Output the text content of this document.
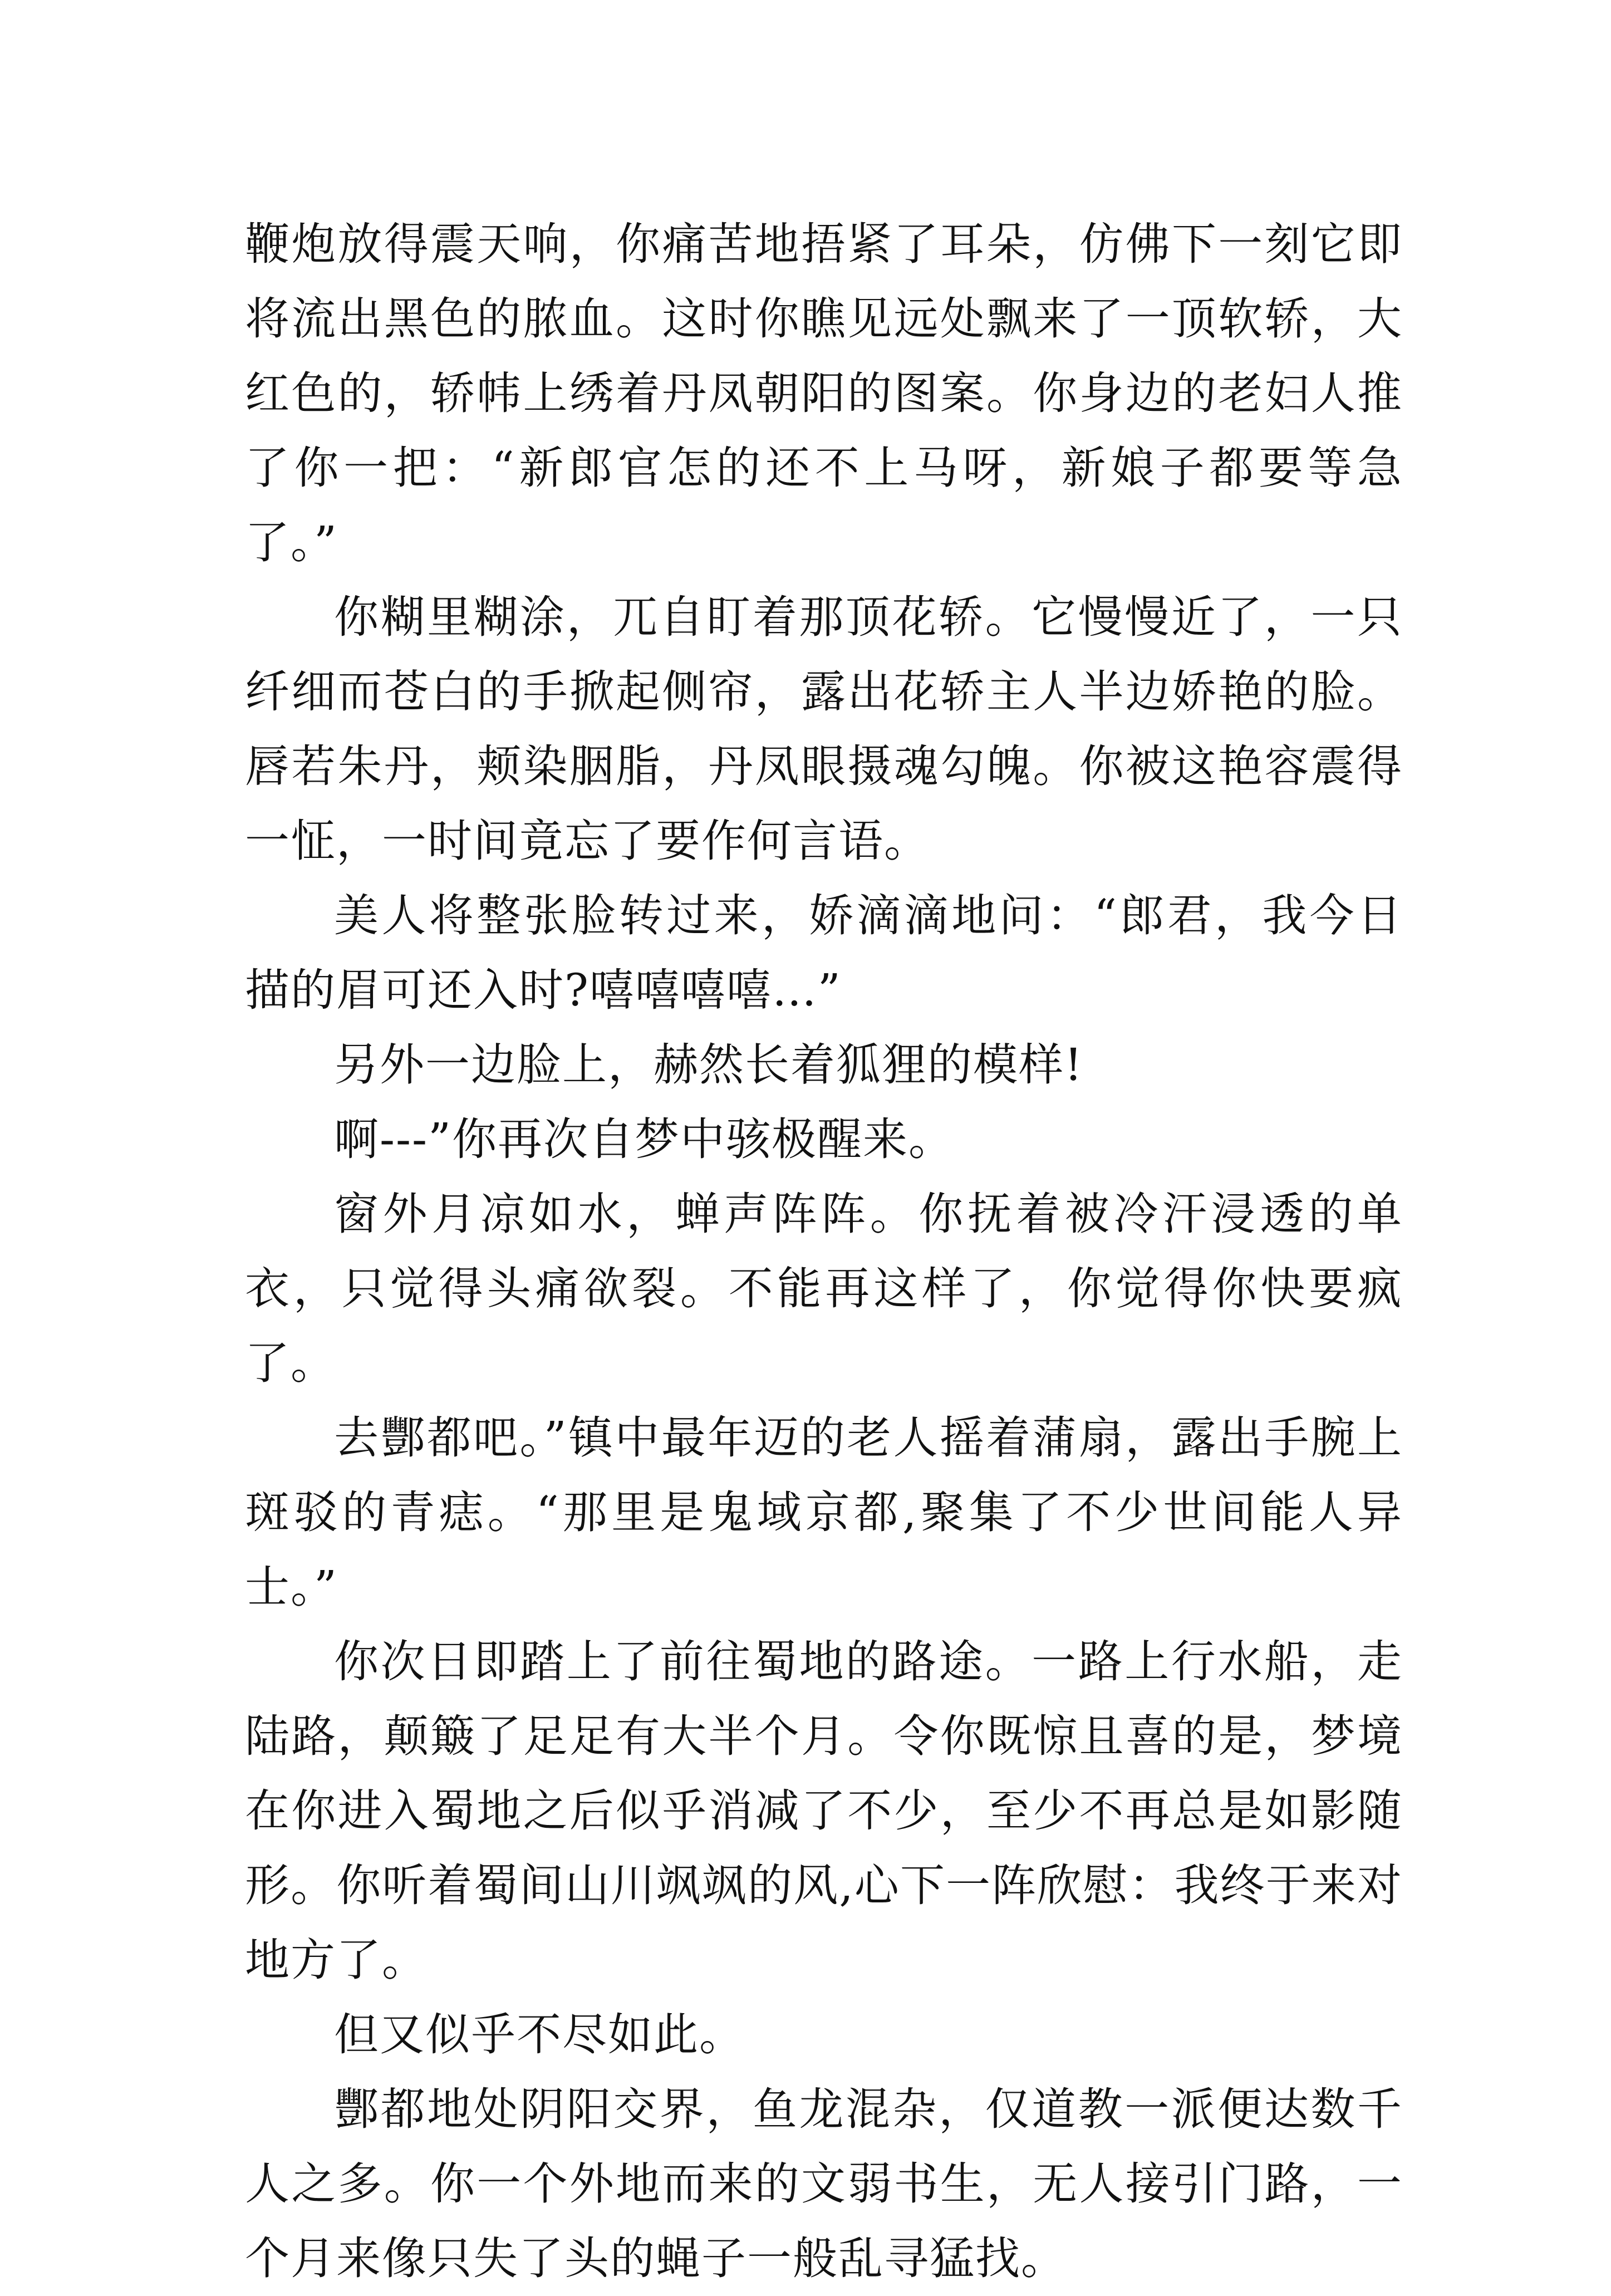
鞭炮放得震天响，你痛苦地捂紧了耳朵，仿佛下一刻它即将流出黑色的脓血。这时你瞧见远处飘来了一顶软轿，大红色的，轿帏上绣着丹凤朝阳的图案。你身边的老妇人推了你一把：“新郎官怎的还不上马呀，新娘子都要等急了。”

你糊里糊涂，兀自盯着那顶花轿。它慢慢近了，一只纤细而苍白的手掀起侧帘，露出花轿主人半边娇艳的脸。唇若朱丹，颊染胭脂，丹凤眼摄魂勾魄。你被这艳容震得一怔，一时间竟忘了要作何言语。

美人将整张脸转过来，娇滴滴地问：“郎君，我今日描的眉可还入时?嘻嘻嘻嘻…”

另外一边脸上，赫然长着狐狸的模样!

啊---”你再次自梦中骇极醒来。

窗外月凉如水，蝉声阵阵。你抚着被冷汗浸透的单衣，只觉得头痛欲裂。不能再这样了，你觉得你快要疯了。

去酆都吧。”镇中最年迈的老人摇着蒲扇，露出手腕上斑驳的青痣。“那里是鬼域京都,聚集了不少世间能人异士。”

你次日即踏上了前往蜀地的路途。一路上行水船，走陆路，颠簸了足足有大半个月。令你既惊且喜的是，梦境在你进入蜀地之后似乎消减了不少，至少不再总是如影随形。你听着蜀间山川飒飒的风,心下一阵欣慰：我终于来对地方了。

但又似乎不尽如此。

酆都地处阴阳交界，鱼龙混杂，仅道教一派便达数千人之多。你一个外地而来的文弱书生，无人接引门路，一个月来像只失了头的蝇子一般乱寻猛找。
